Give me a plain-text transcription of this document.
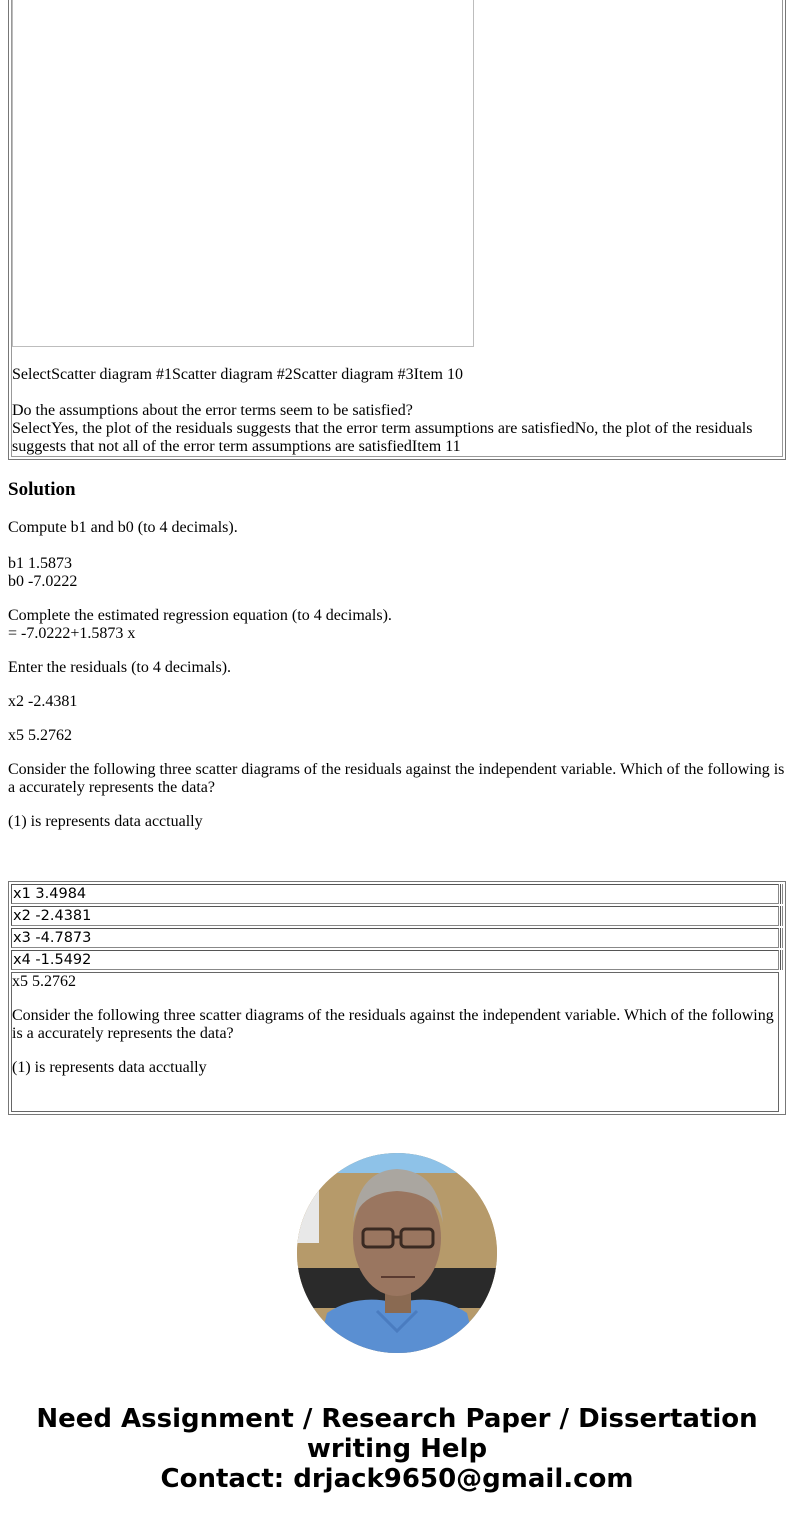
SelectScatter diagram #1Scatter diagram #2Scatter diagram #3Item 10
Do the assumptions about the error terms seem to be satisfied?
SelectYes, the plot of the residuals suggests that the error term assumptions are satisfiedNo, the plot of the residuals
suggests that not all of the error term assumptions are satisfiedItem 11
Solution
Compute b1 and b0 (to 4 decimals).
b1 1.5873
b0 -7.0222
Complete the estimated regression equation (to 4 decimals).
= -7.0222+1.5873 x
Enter the residuals (to 4 decimals).
x2 -2.4381
x5 5.2762
Consider the following three scatter diagrams of the residuals against the independent variable. Which of the following is
a accurately represents the data?
(1) is represents data acctually
x1 3.4984
x2 -2.4381
x3 -4.7873
x4 -1.5492
x5 5.2762
Consider the following three scatter diagrams of the residuals against the independent variable. Which of the following
is a accurately represents the data?
(1) is represents data acctually
Need Assignment / Research Paper / Dissertation
writing Help
Contact: drjack9650@gmail.com
